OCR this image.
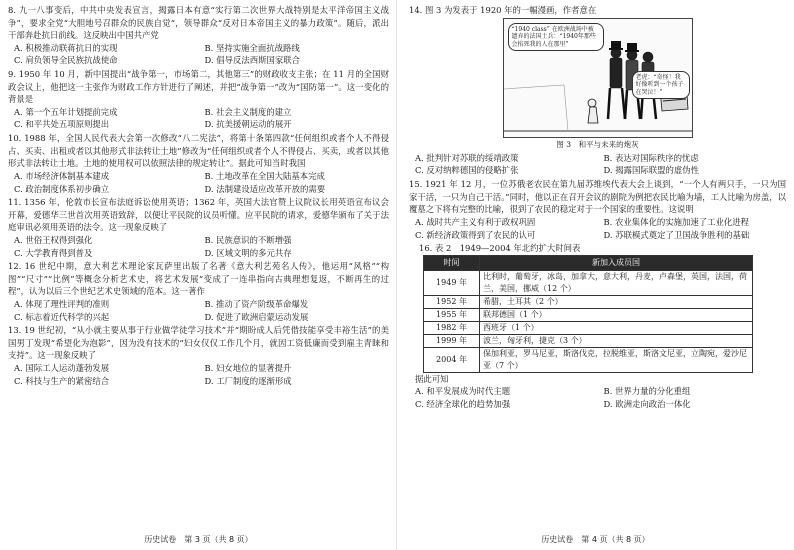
8. 九一八事变后，中共中央发表宣言，揭露日本有意“实行第二次世界大战特别是太平洋帝国主义战争”，要求全党“大胆地号召群众的民族自觉”，领导群众“反对日本帝国主义的暴力政策”。随后，派出干部奔赴抗日前线。这反映出中国共产党
A. 积极推动联蒋抗日的实现	B. 坚持实施全面抗战路线
C. 肩负领导全民族抗战使命	D. 倡导反法西斯国家联合
9. 1950 年 10 月，新中国提出“战争第一，市场第二，其他第三”的财政收支主张；在 11 月的全国财政会议上，他把这一主张作为财政工作方针进行了阐述，并把“战争第一”改为“国防第一”。这一变化的背景是
A. 第一个五年计划提前完成	B. 社会主义制度的建立
C. 和平共处五项原则提出	D. 抗美援朝运动的展开
10. 1988 年，全国人民代表大会第一次修改“八二宪法”，将第十条第四款“任何组织或者个人不得侵占、买卖、出租或者以其他形式非法转让土地”修改为“任何组织或者个人不得侵占、买卖，或者以其他形式非法转让土地。土地的使用权可以依照法律的规定转让”。据此可知当时我国
A. 市场经济体制基本建成	B. 土地改革在全国大陆基本完成
C. 政治制度体系初步确立	D. 法制建设适应改革开放的需要
11. 1356 年，伦敦市长宣布法庭诉讼使用英语；1362 年，英国大法官赞上议院议长用英语宣布议会开幕，爱德华三世首次用英语致辞，以便让平民院的议员听懂。应平民院的请求，爱德华颁布了关于法庭审讯必须用英语的法令。这一现象反映了
A. 世俗王权得到强化	B. 民族意识的不断增强
C. 大学教育得到普及	D. 区域文明的多元共存
12. 16 世纪中期，意大利艺术理论家瓦萨里出版了名著《意大利艺苑名人传》，他运用“风格”“构图”“尺寸”“比例”等概念分析艺术史，将艺术发展“变成了一连串指向古典理想复返，不断再生的过程”，认为以后三个世纪艺术史领域的范本。这一著作
A. 体现了理性评判的准则	B. 推动了资产阶级革命爆发
C. 标志着近代科学的兴起	D. 促进了欧洲启蒙运动发展
13. 19 世纪初，“从小就主要从事于行业做学徒学习技术”并“期盼成人后凭借技能享受丰裕生活”的美国男丁发现“希望化为泡影”，因为没有技术的“妇女仅仅工作几个月，就因工资低廉而受到雇主青睐和支持”。这一现象反映了
A. 国际工人运动蓬勃发展	B. 妇女地位的显著提升
C. 科技与生产的紧密结合	D. 工厂制度的逐渐形成
历史试卷　第 3 页（共 8 页）
14. 图 3 为发表于 1920 年的一幅漫画，作者意在
“1940 class” 在欧洲战场中被遗弃的法国士兵：“1940年那些会掐死我的人在那里”
老虎：“奇怪！我好像听到一个孩子在哭泣！”
图 3　和平与未来的炮灰
A. 批判针对苏联的绥靖政策	B. 表达对国际秩序的忧虑
C. 反对纳粹德国的侵略扩张	D. 揭露国际联盟的虚伪性
15. 1921 年 12 月，一位苏俄老农民在第九届苏维埃代表大会上谈到，“一个人有两只手，一只为国家干活，一只为自己干活。”同时，他以正在召开会议的剧院为例把农民比喻为墙，工人比喻为房盖，以覆墓之下将有完整的比喻，很到了农民的稳定对于一个国家的重要性。这说明
A. 战时共产主义有利于政权巩固	B. 农业集体化的实施加速了工业化进程
C. 新经济政策得到了农民的认可	D. 苏联模式奠定了卫国战争胜利的基础
16. 表 2　1949—2004 年北约扩大时间表
时间	新加入成员国
1949 年	比利时，葡萄牙，冰岛，加拿大，意大利，丹麦，卢森堡，英国，法国，荷兰，美国，挪威（12 个）
1952 年	希腊，土耳其（2 个）
1955 年	联邦德国（1 个）
1982 年	西班牙（1 个）
1999 年	波兰，匈牙利，捷克（3 个）
2004 年	保加利亚，罗马尼亚，斯洛伐克，拉脱维亚，斯洛文尼亚，立陶宛，爱沙尼亚（7 个）
据此可知
A. 和平发展成为时代主题	B. 世界力量的分化重组
C. 经济全球化的趋势加强	D. 欧洲走向政治一体化
历史试卷　第 4 页（共 8 页）
